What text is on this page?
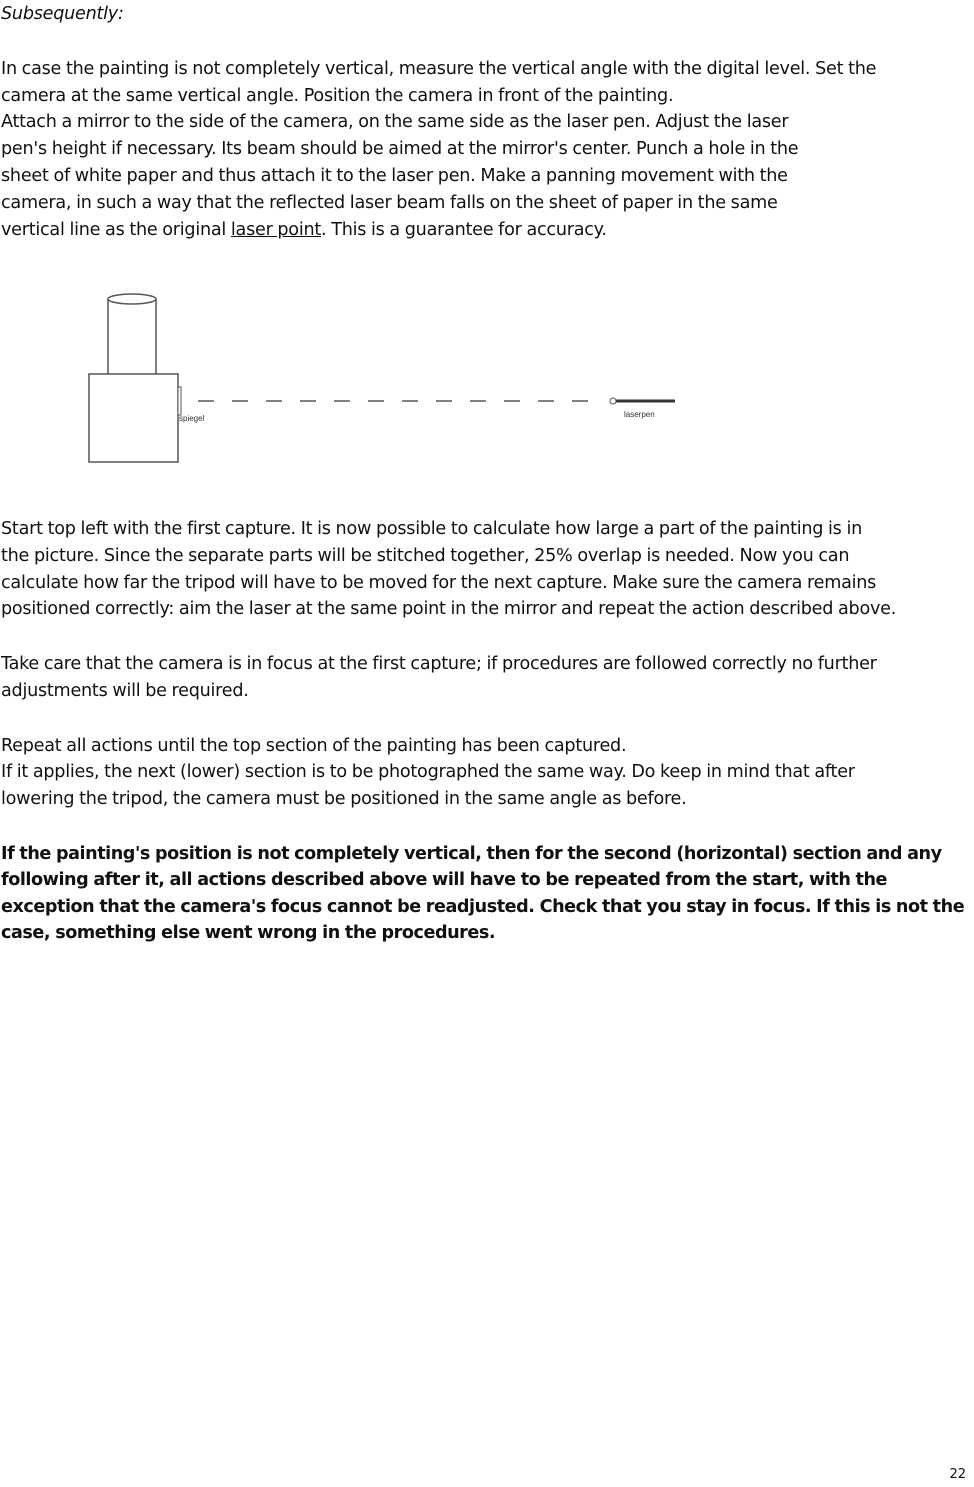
Subsequently:

In case the painting is not completely vertical, measure the vertical angle with the digital level. Set the

camera at the same vertical angle. Position the camera in front of the painting.

Attach a mirror to the side of the camera, on the same side as the laser pen. Adjust the laser

pen's height if necessary. Its beam should be aimed at the mirror's center. Punch a hole in the

sheet of white paper and thus attach it to the laser pen. Make a panning movement with the

camera, in such a way that the reflected laser beam falls on the sheet of paper in the same

vertical line as the original laser point. This is a guarantee for accuracy.

spiegel	laserpen

Start top left with the first capture. It is now possible to calculate how large a part of the painting is in

the picture. Since the separate parts will be stitched together, 25% overlap is needed. Now you can

calculate how far the tripod will have to be moved for the next capture. Make sure the camera remains

positioned correctly: aim the laser at the same point in the mirror and repeat the action described above.

Take care that the camera is in focus at the first capture; if procedures are followed correctly no further

adjustments will be required.

Repeat all actions until the top section of the painting has been captured.

If it applies, the next (lower) section is to be photographed the same way. Do keep in mind that after

lowering the tripod, the camera must be positioned in the same angle as before.

If the painting's position is not completely vertical, then for the second (horizontal) section and any

following after it, all actions described above will have to be repeated from the start, with the

exception that the camera's focus cannot be readjusted. Check that you stay in focus. If this is not the

case, something else went wrong in the procedures.

22
